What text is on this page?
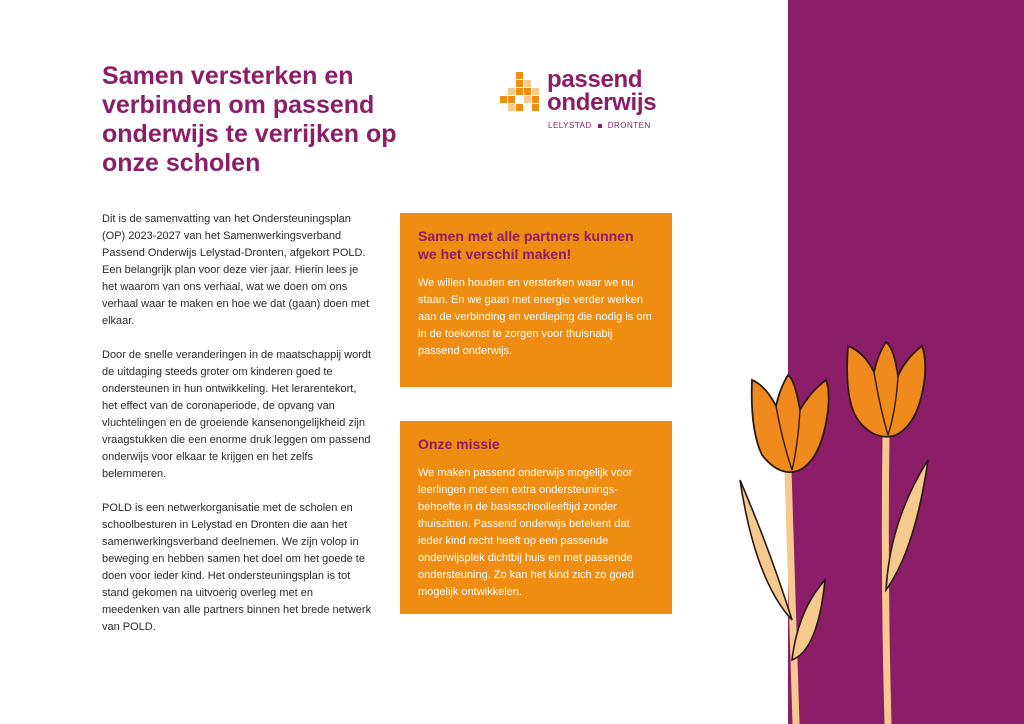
Samen versterken en verbinden om passend onderwijs te verrijken op onze scholen
passend
onderwijs
LELYSTAD DRONTEN

Dit is de samenvatting van het Ondersteuningsplan (OP) 2023-2027 van het Samenwerkingsverband Passend Onderwijs Lelystad-Dronten, afgekort POLD. Een belangrijk plan voor deze vier jaar. Hierin lees je het waarom van ons verhaal, wat we doen om ons verhaal waar te maken en hoe we dat (gaan) doen met elkaar.

Door de snelle veranderingen in de maatschappij wordt de uitdaging steeds groter om kinderen goed te ondersteunen in hun ontwikkeling. Het lerarentekort, het effect van de coronaperiode, de opvang van vluchtelingen en de groeiende kansenongelijkheid zijn vraagstukken die een enorme druk leggen om passend onderwijs voor elkaar te krijgen en het zelfs belemmeren.

POLD is een netwerkorganisatie met de scholen en schoolbesturen in Lelystad en Dronten die aan het samenwerkingsverband deelnemen. We zijn volop in beweging en hebben samen het doel om het goede te doen voor ieder kind. Het ondersteuningsplan is tot stand gekomen na uitvoerig overleg met en meedenken van alle partners binnen het brede netwerk van POLD.

Samen met alle partners kunnen we het verschil maken!

We willen houden en versterken waar we nu staan. En we gaan met energie verder werken aan de verbinding en verdieping die nodig is om in de toekomst te zorgen voor thuisnabij passend onderwijs.

Onze missie

We maken passend onderwijs mogelijk voor leerlingen met een extra ondersteunings-behoefte in de basisschoolleeftijd zonder thuiszitten. Passend onderwijs betekent dat ieder kind recht heeft op een passende onderwijsplek dichtbij huis en met passende ondersteuning. Zo kan het kind zich zo goed mogelijk ontwikkelen.
